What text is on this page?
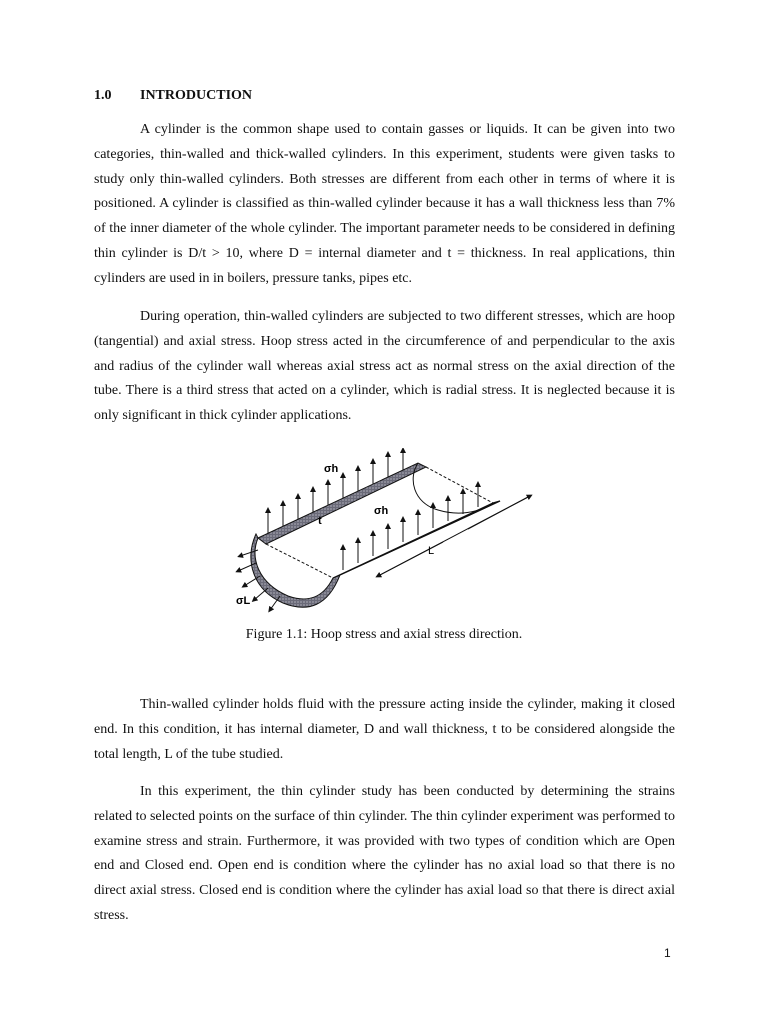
1.0 INTRODUCTION

A cylinder is the common shape used to contain gasses or liquids. It can be given into two categories, thin-walled and thick-walled cylinders. In this experiment, students were given tasks to study only thin-walled cylinders. Both stresses are different from each other in terms of where it is positioned. A cylinder is classified as thin-walled cylinder because it has a wall thickness less than 7% of the inner diameter of the whole cylinder. The important parameter needs to be considered in defining thin cylinder is D/t > 10, where D = internal diameter and t = thickness. In real applications, thin cylinders are used in in boilers, pressure tanks, pipes etc.

During operation, thin-walled cylinders are subjected to two different stresses, which are hoop (tangential) and axial stress. Hoop stress acted in the circumference of and perpendicular to the axis and radius of the cylinder wall whereas axial stress act as normal stress on the axial direction of the tube. There is a third stress that acted on a cylinder, which is radial stress. It is neglected because it is only significant in thick cylinder applications.

σh
σh
t
L
σL
Figure 1.1: Hoop stress and axial stress direction.

Thin-walled cylinder holds fluid with the pressure acting inside the cylinder, making it closed end. In this condition, it has internal diameter, D and wall thickness, t to be considered alongside the total length, L of the tube studied.

In this experiment, the thin cylinder study has been conducted by determining the strains related to selected points on the surface of thin cylinder. The thin cylinder experiment was performed to examine stress and strain. Furthermore, it was provided with two types of condition which are Open end and Closed end. Open end is condition where the cylinder has no axial load so that there is no direct axial stress. Closed end is condition where the cylinder has axial load so that there is direct axial stress.

1
